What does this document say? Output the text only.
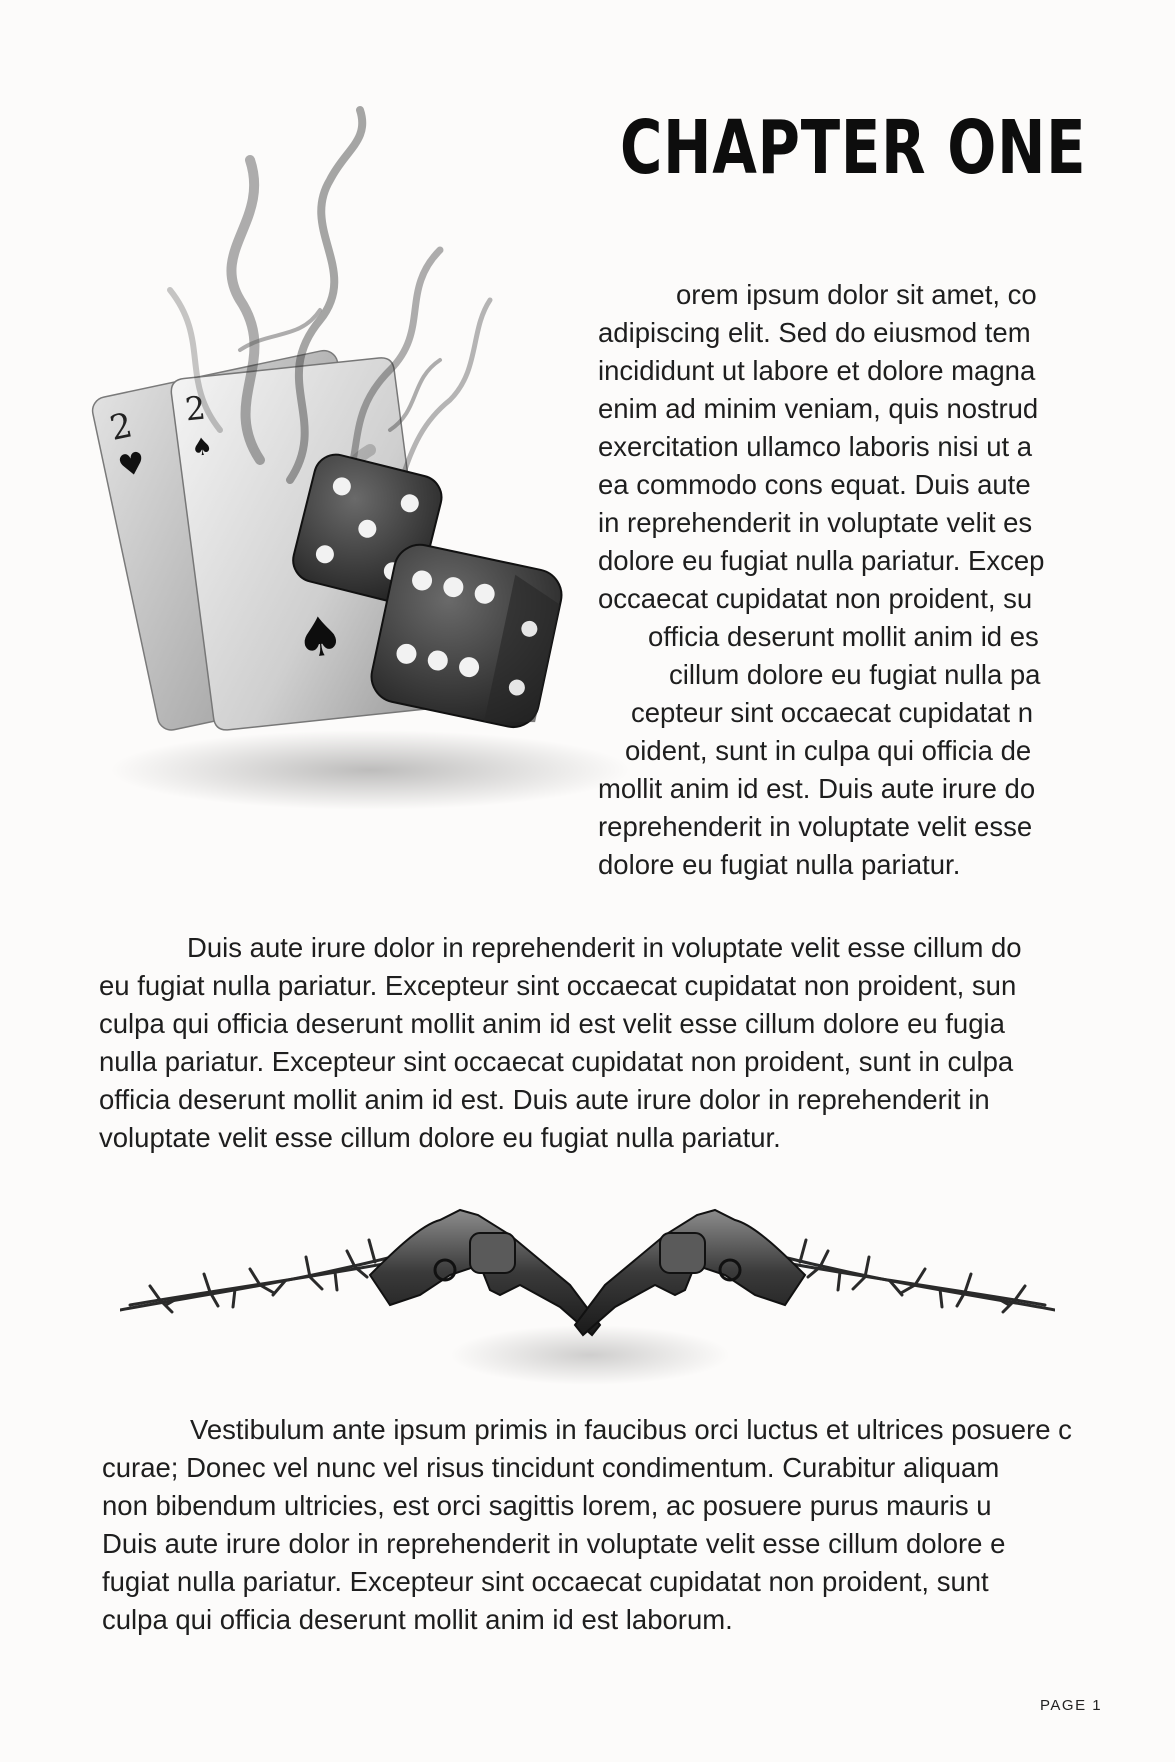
2
♥
2
♠
♠
CHAPTER ONE
orem ipsum dolor sit amet, co
adipiscing elit. Sed do eiusmod tem
incididunt ut labore et dolore magna
enim ad minim veniam, quis nostrud
exercitation ullamco laboris nisi ut a
ea commodo cons equat. Duis aute
in reprehenderit in voluptate velit es
dolore eu fugiat nulla pariatur. Excep
occaecat cupidatat non proident, su
officia deserunt mollit anim id es
cillum dolore eu fugiat nulla pa
cepteur sint occaecat cupidatat n
oident, sunt in culpa qui officia de
mollit anim id est. Duis aute irure do
reprehenderit in voluptate velit esse
dolore eu fugiat nulla pariatur.
Duis aute irure dolor in reprehenderit in voluptate velit esse cillum do
eu fugiat nulla pariatur. Excepteur sint occaecat cupidatat non proident, sun
culpa qui officia deserunt mollit anim id est velit esse cillum dolore eu fugia
nulla pariatur. Excepteur sint occaecat cupidatat non proident, sunt in culpa
officia deserunt mollit anim id est. Duis aute irure dolor in reprehenderit in
voluptate velit esse cillum dolore eu fugiat nulla pariatur.
Vestibulum ante ipsum primis in faucibus orci luctus et ultrices posuere c
curae; Donec vel nunc vel risus tincidunt condimentum. Curabitur aliquam
non bibendum ultricies, est orci sagittis lorem, ac posuere purus mauris u
Duis aute irure dolor in reprehenderit in voluptate velit esse cillum dolore e
fugiat nulla pariatur. Excepteur sint occaecat cupidatat non proident, sunt
culpa qui officia deserunt mollit anim id est laborum.
PAGE 1
